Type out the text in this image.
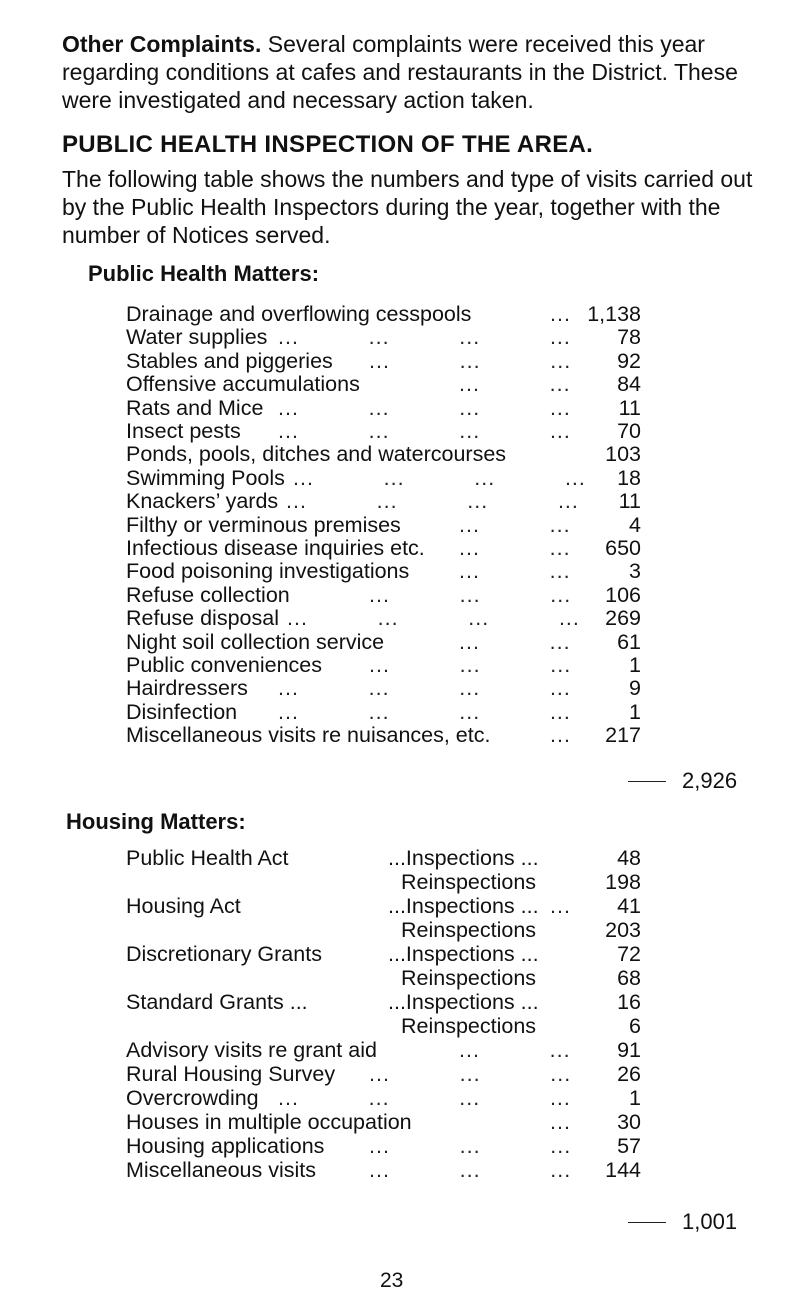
Other Complaints. Several complaints were received this year regarding conditions at cafes and restaurants in the District. These were investigated and necessary action taken.
PUBLIC HEALTH INSPECTION OF THE AREA.
The following table shows the numbers and type of visits carried out by the Public Health Inspectors during the year, together with the number of Notices served.
Public Health Matters:
Drainage and overflowing cesspools	... 1,138
Water supplies ...          ...          ...          ... 78
Stables and piggeries ...          ...          ... 92
Offensive accumulations	...          ... 84
Rats and Mice ...          ...          ...          ... 11
Insect pests ...          ...          ...          ... 70
Ponds, pools, ditches and watercourses	103
Swimming Pools ...          ...          ...          ... 18
Knackers’ yards ...          ...          ...          ... 11
Filthy or verminous premises	...          ...	4
Infectious disease inquiries etc. ...          ... 650
Food poisoning investigations ...          ...	3
Refuse collection	...          ...          ... 106
Refuse disposal ...          ...          ...          ... 269
Night soil collection service	...          ... 61
Public conveniences ...          ...          ...	1
Hairdressers ...          ...          ...          ...	9
Disinfection ...          ...          ...          ...	1
Miscellaneous visits re nuisances, etc.	... 217
2,926
Housing Matters:
Public Health Act	...Inspections ...	48
Reinspections	198
Housing Act	...Inspections ... ... 41
Reinspections	203
Discretionary Grants	...Inspections ...	72
Reinspections	68
Standard Grants ...	...Inspections ...	16
Reinspections	6
Advisory visits re grant aid	...          ... 91
Rural Housing Survey ...          ...          ... 26
Overcrowding ...          ...          ...          ...	1
Houses in multiple occupation	... 30
Housing applications ...          ...          ... 57
Miscellaneous visits ...          ...          ... 144
1,001
23
